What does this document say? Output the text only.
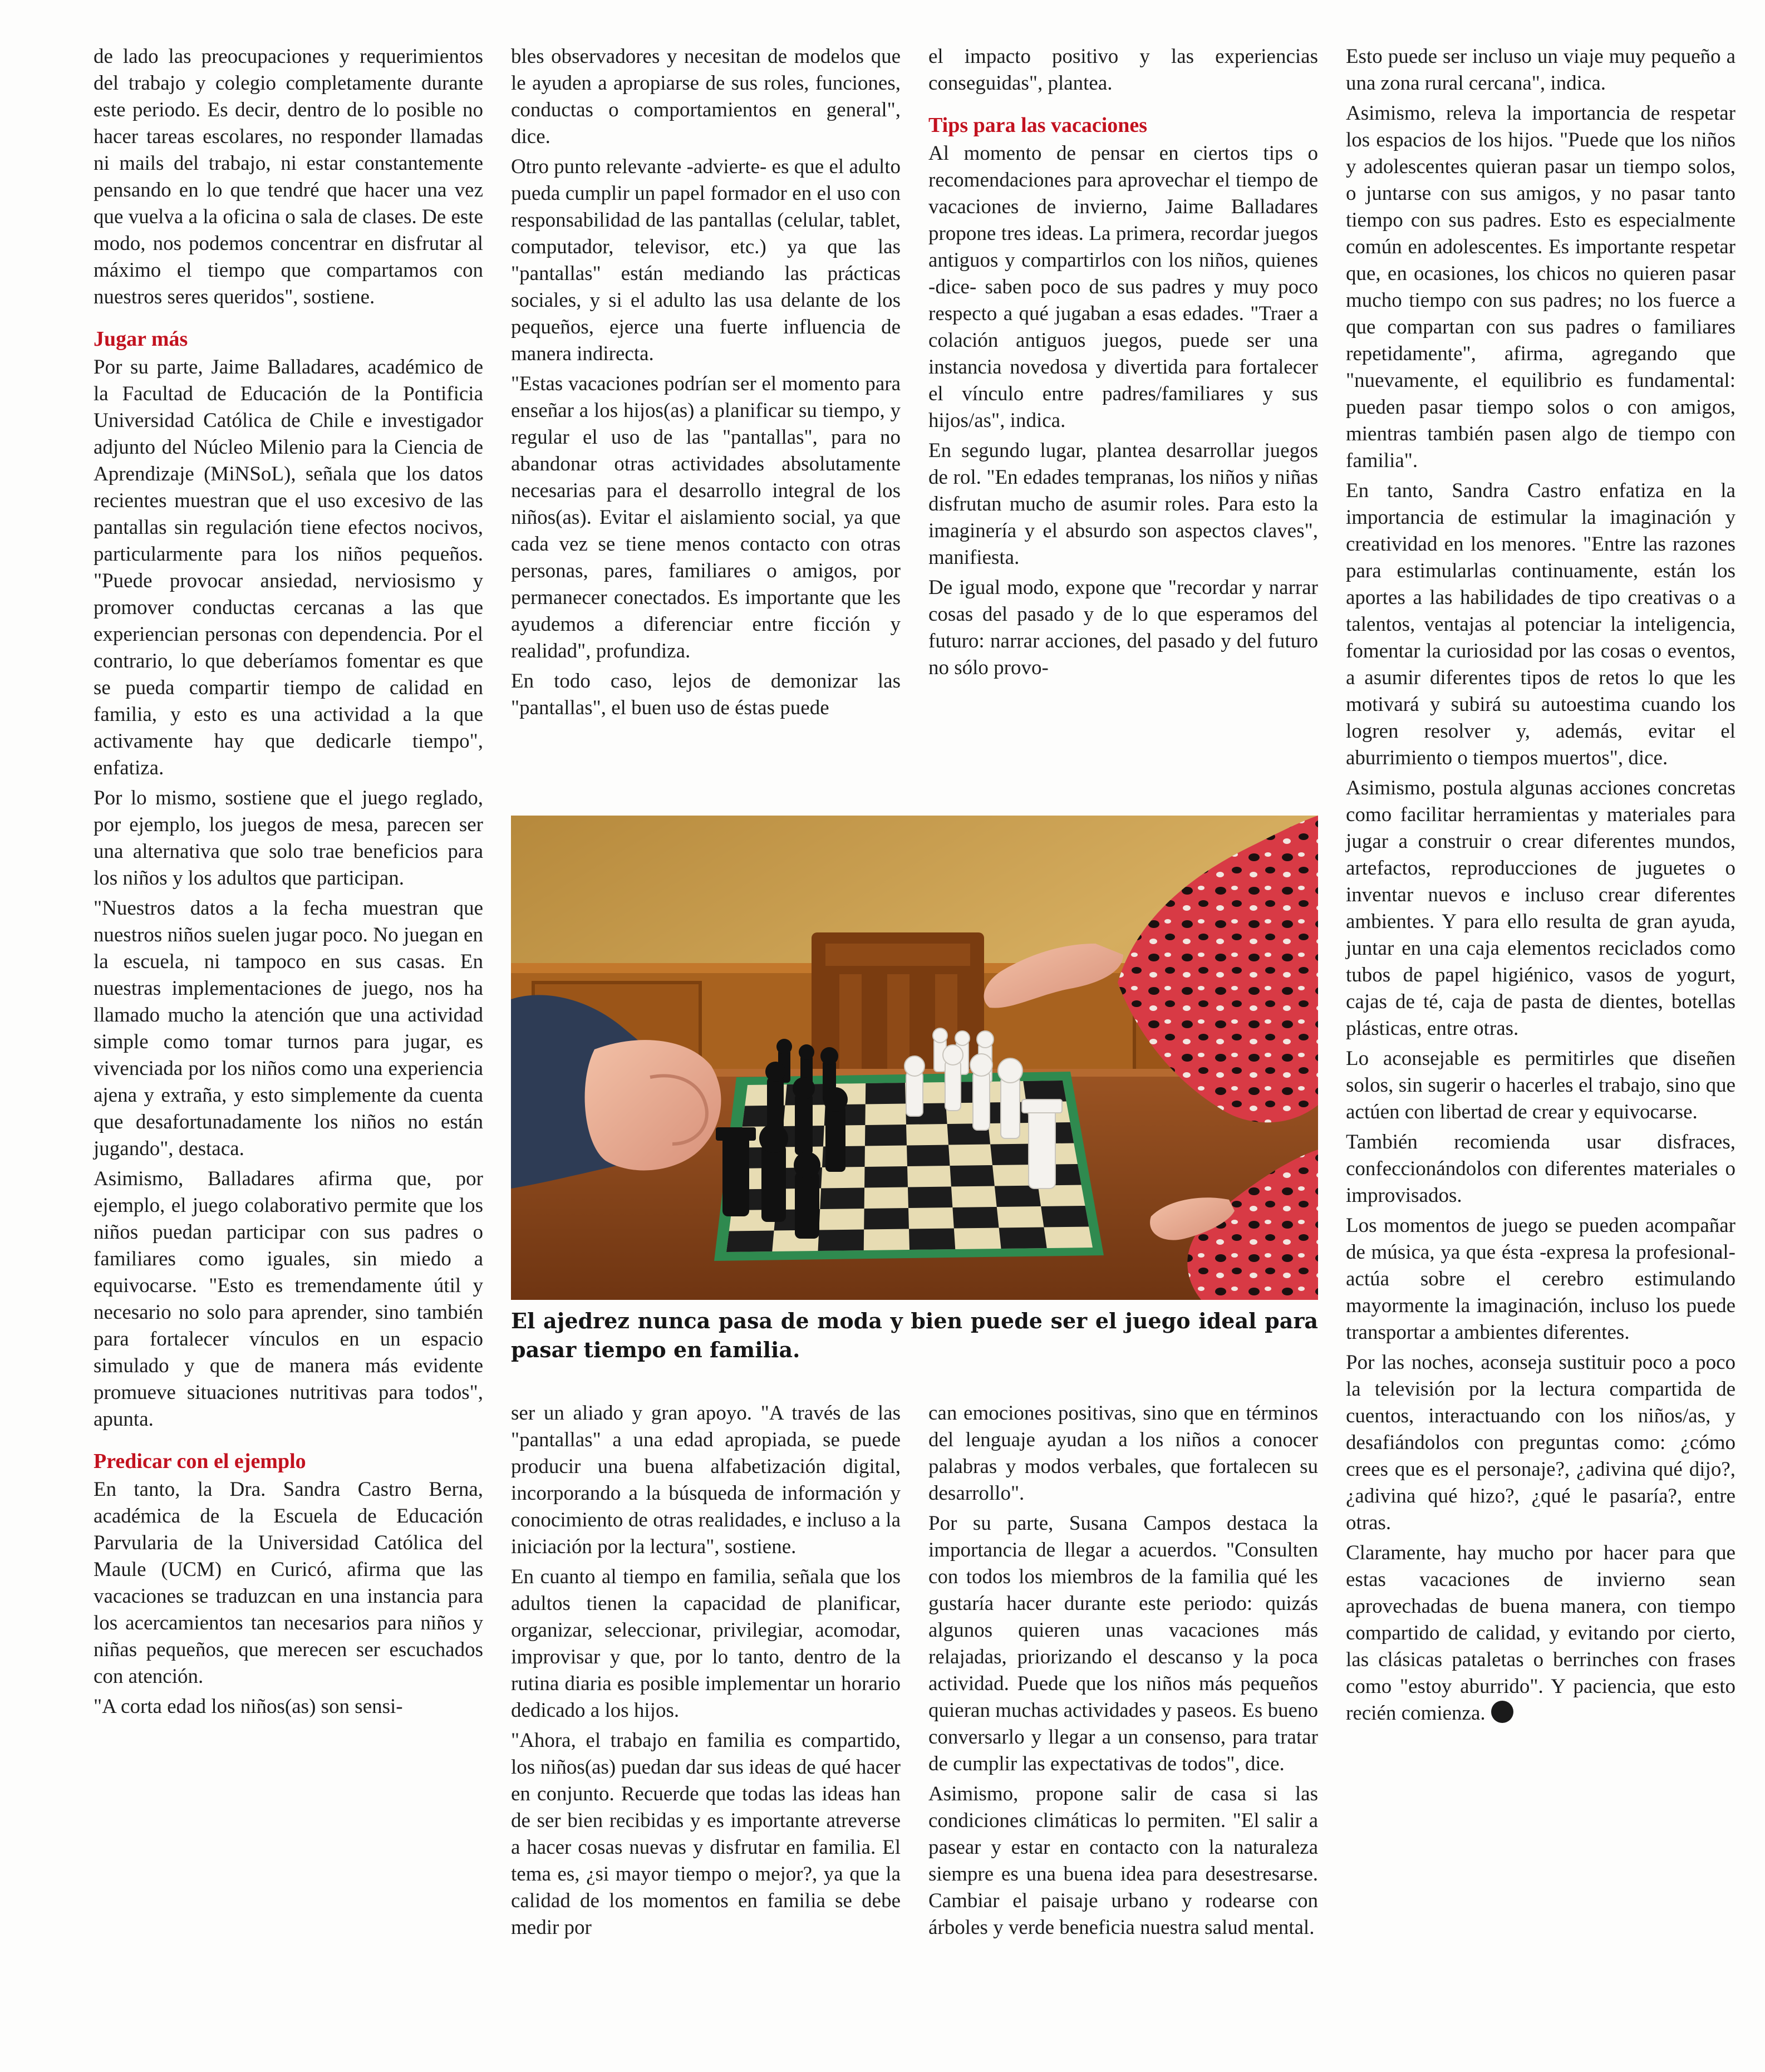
de lado las preocupaciones y requerimientos del trabajo y colegio completamente durante este periodo. Es decir, dentro de lo posible no hacer tareas escolares, no responder llamadas ni mails del trabajo, ni estar constantemente pensando en lo que tendré que hacer una vez que vuelva a la oficina o sala de clases. De este modo, nos podemos concentrar en disfrutar al máximo el tiempo que compartamos con nuestros seres queridos", sostiene.

Jugar más

Por su parte, Jaime Balladares, académico de la Facultad de Educación de la Pontificia Universidad Católica de Chile e investigador adjunto del Núcleo Milenio para la Ciencia de Aprendizaje (MiNSoL), señala que los datos recientes muestran que el uso excesivo de las pantallas sin regulación tiene efectos nocivos, particularmente para los niños pequeños. "Puede provocar ansiedad, nerviosismo y promover conductas cercanas a las que experiencian personas con dependencia. Por el contrario, lo que deberíamos fomentar es que se pueda compartir tiempo de calidad en familia, y esto es una actividad a la que activamente hay que dedicarle tiempo", enfatiza.

Por lo mismo, sostiene que el juego reglado, por ejemplo, los juegos de mesa, parecen ser una alternativa que solo trae beneficios para los niños y los adultos que participan.

"Nuestros datos a la fecha muestran que nuestros niños suelen jugar poco. No juegan en la escuela, ni tampoco en sus casas. En nuestras implementaciones de juego, nos ha llamado mucho la atención que una actividad simple como tomar turnos para jugar, es vivenciada por los niños como una experiencia ajena y extraña, y esto simplemente da cuenta que desafortunadamente los niños no están jugando", destaca.

Asimismo, Balladares afirma que, por ejemplo, el juego colaborativo permite que los niños puedan participar con sus padres o familiares como iguales, sin miedo a equivocarse. "Esto es tremendamente útil y necesario no solo para aprender, sino también para fortalecer vínculos en un espacio simulado y que de manera más evidente promueve situaciones nutritivas para todos", apunta.

Predicar con el ejemplo

En tanto, la Dra. Sandra Castro Berna, académica de la Escuela de Educación Parvularia de la Universidad Católica del Maule (UCM) en Curicó, afirma que las vacaciones se traduzcan en una instancia para los acercamientos tan necesarios para niños y niñas pequeños, que merecen ser escuchados con atención.

"A corta edad los niños(as) son sensi-

bles observadores y necesitan de modelos que le ayuden a apropiarse de sus roles, funciones, conductas o comportamientos en general", dice.

Otro punto relevante -advierte- es que el adulto pueda cumplir un papel formador en el uso con responsabilidad de las pantallas (celular, tablet, computador, televisor, etc.) ya que las "pantallas" están mediando las prácticas sociales, y si el adulto las usa delante de los pequeños, ejerce una fuerte influencia de manera indirecta.

"Estas vacaciones podrían ser el momento para enseñar a los hijos(as) a planificar su tiempo, y regular el uso de las "pantallas", para no abandonar otras actividades absolutamente necesarias para el desarrollo integral de los niños(as). Evitar el aislamiento social, ya que cada vez se tiene menos contacto con otras personas, pares, familiares o amigos, por permanecer conectados. Es importante que les ayudemos a diferenciar entre ficción y realidad", profundiza.

En todo caso, lejos de demonizar las "pantallas", el buen uso de éstas puede

el impacto positivo y las experiencias conseguidas", plantea.

Tips para las vacaciones

Al momento de pensar en ciertos tips o recomendaciones para aprovechar el tiempo de vacaciones de invierno, Jaime Balladares propone tres ideas. La primera, recordar juegos antiguos y compartirlos con los niños, quienes -dice- saben poco de sus padres y muy poco respecto a qué jugaban a esas edades. "Traer a colación antiguos juegos, puede ser una instancia novedosa y divertida para fortalecer el vínculo entre padres/familiares y sus hijos/as", indica.

En segundo lugar, plantea desarrollar juegos de rol. "En edades tempranas, los niños y niñas disfrutan mucho de asumir roles. Para esto la imaginería y el absurdo son aspectos claves", manifiesta.

De igual modo, expone que "recordar y narrar cosas del pasado y de lo que esperamos del futuro: narrar acciones, del pasado y del futuro no sólo provo-

El ajedrez nunca pasa de moda y bien puede ser el juego ideal para pasar tiempo en familia.

ser un aliado y gran apoyo. "A través de las "pantallas" a una edad apropiada, se puede producir una buena alfabetización digital, incorporando a la búsqueda de información y conocimiento de otras realidades, e incluso a la iniciación por la lectura", sostiene.

En cuanto al tiempo en familia, señala que los adultos tienen la capacidad de planificar, organizar, seleccionar, privilegiar, acomodar, improvisar y que, por lo tanto, dentro de la rutina diaria es posible implementar un horario dedicado a los hijos.

"Ahora, el trabajo en familia es compartido, los niños(as) puedan dar sus ideas de qué hacer en conjunto. Recuerde que todas las ideas han de ser bien recibidas y es importante atreverse a hacer cosas nuevas y disfrutar en familia. El tema es, ¿si mayor tiempo o mejor?, ya que la calidad de los momentos en familia se debe medir por

can emociones positivas, sino que en términos del lenguaje ayudan a los niños a conocer palabras y modos verbales, que fortalecen su desarrollo".

Por su parte, Susana Campos destaca la importancia de llegar a acuerdos. "Consulten con todos los miembros de la familia qué les gustaría hacer durante este periodo: quizás algunos quieren unas vacaciones más relajadas, priorizando el descanso y la poca actividad. Puede que los niños más pequeños quieran muchas actividades y paseos. Es bueno conversarlo y llegar a un consenso, para tratar de cumplir las expectativas de todos", dice.

Asimismo, propone salir de casa si las condiciones climáticas lo permiten. "El salir a pasear y estar en contacto con la naturaleza siempre es una buena idea para desestresarse. Cambiar el paisaje urbano y rodearse con árboles y verde beneficia nuestra salud mental.

Esto puede ser incluso un viaje muy pequeño a una zona rural cercana", indica.

Asimismo, releva la importancia de respetar los espacios de los hijos. "Puede que los niños y adolescentes quieran pasar un tiempo solos, o juntarse con sus amigos, y no pasar tanto tiempo con sus padres. Esto es especialmente común en adolescentes. Es importante respetar que, en ocasiones, los chicos no quieren pasar mucho tiempo con sus padres; no los fuerce a que compartan con sus padres o familiares repetidamente", afirma, agregando que "nuevamente, el equilibrio es fundamental: pueden pasar tiempo solos o con amigos, mientras también pasen algo de tiempo con familia".

En tanto, Sandra Castro enfatiza en la importancia de estimular la imaginación y creatividad en los menores. "Entre las razones para estimularlas continuamente, están los aportes a las habilidades de tipo creativas o a talentos, ventajas al potenciar la inteligencia, fomentar la curiosidad por las cosas o eventos, a asumir diferentes tipos de retos lo que les motivará y subirá su autoestima cuando los logren resolver y, además, evitar el aburrimiento o tiempos muertos", dice.

Asimismo, postula algunas acciones concretas como facilitar herramientas y materiales para jugar a construir o crear diferentes mundos, artefactos, reproducciones de juguetes o inventar nuevos e incluso crear diferentes ambientes. Y para ello resulta de gran ayuda, juntar en una caja elementos reciclados como tubos de papel higiénico, vasos de yogurt, cajas de té, caja de pasta de dientes, botellas plásticas, entre otras.

Lo aconsejable es permitirles que diseñen solos, sin sugerir o hacerles el trabajo, sino que actúen con libertad de crear y equivocarse.

También recomienda usar disfraces, confeccionándolos con diferentes materiales o improvisados.

Los momentos de juego se pueden acompañar de música, ya que ésta -expresa la profesional- actúa sobre el cerebro estimulando mayormente la imaginación, incluso los puede transportar a ambientes diferentes.

Por las noches, aconseja sustituir poco a poco la televisión por la lectura compartida de cuentos, interactuando con los niños/as, y desafiándolos con preguntas como: ¿cómo crees que es el personaje?, ¿adivina qué dijo?, ¿adivina qué hizo?, ¿qué le pasaría?, entre otras.

Claramente, hay mucho por hacer para que estas vacaciones de invierno sean aprovechadas de buena manera, con tiempo compartido de calidad, y evitando por cierto, las clásicas pataletas o berrinches con frases como "estoy aburrido". Y paciencia, que esto recién comienza.
